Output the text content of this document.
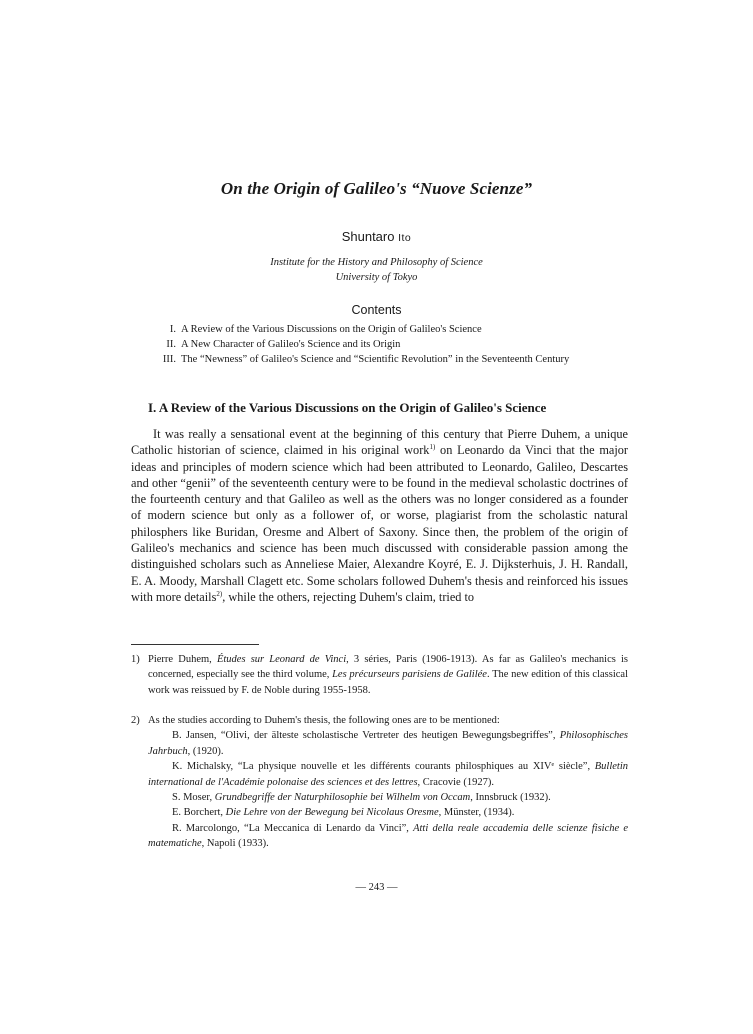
On the Origin of Galileo's “Nuove Scienze”
Shuntaro Ito
Institute for the History and Philosophy of Science
University of Tokyo
Contents
I. A Review of the Various Discussions on the Origin of Galileo's Science
II. A New Character of Galileo's Science and its Origin
III. The “Newness” of Galileo's Science and “Scientific Revolution” in the Seventeenth Century
I. A Review of the Various Discussions on the Origin of Galileo's Science
It was really a sensational event at the beginning of this century that Pierre Duhem, a unique Catholic historian of science, claimed in his original work$^{1)}$ on Leonardo da Vinci that the major ideas and principles of modern science which had been attributed to Leonardo, Galileo, Descartes and other “genii” of the seventeenth century were to be found in the medieval scholastic doctrines of the fourteenth century and that Galileo as well as the others was no longer considered as a founder of modern science but only as a follower of, or worse, plagiarist from the scholastic natural philosphers like Buridan, Oresme and Albert of Saxony. Since then, the problem of the origin of Galileo's mechanics and science has been much discussed with considerable passion among the distinguished scholars such as Anneliese Maier, Alexandre Koyré, E. J. Dijksterhuis, J. H. Randall, E. A. Moody, Marshall Clagett etc. Some scholars followed Duhem's thesis and reinforced his issues with more details$^{2)}$, while the others, rejecting Duhem's claim, tried to
1) Pierre Duhem, Études sur Leonard de Vinci, 3 séries, Paris (1906-1913). As far as Galileo's mechanics is concerned, especially see the third volume, Les précurseurs parisiens de Galilée. The new edition of this classical work was reissued by F. de Noble during 1955-1958.
2) As the studies according to Duhem's thesis, the following ones are to be mentioned:
B. Jansen, “Olivi, der älteste scholastische Vertreter des heutigen Bewegungsbegriffes”, Philosophisches Jahrbuch, (1920).
K. Michalsky, “La physique nouvelle et les différents courants philosphiques au XIVᵉ siècle”, Bulletin international de l'Académie polonaise des sciences et des lettres, Cracovie (1927).
S. Moser, Grundbegriffe der Naturphilosophie bei Wilhelm von Occam, Innsbruck (1932).
E. Borchert, Die Lehre von der Bewegung bei Nicolaus Oresme, Münster, (1934).
R. Marcolongo, “La Meccanica di Lenardo da Vinci”, Atti della reale accademia delle scienze fisiche e matematiche, Napoli (1933).
— 243 —
